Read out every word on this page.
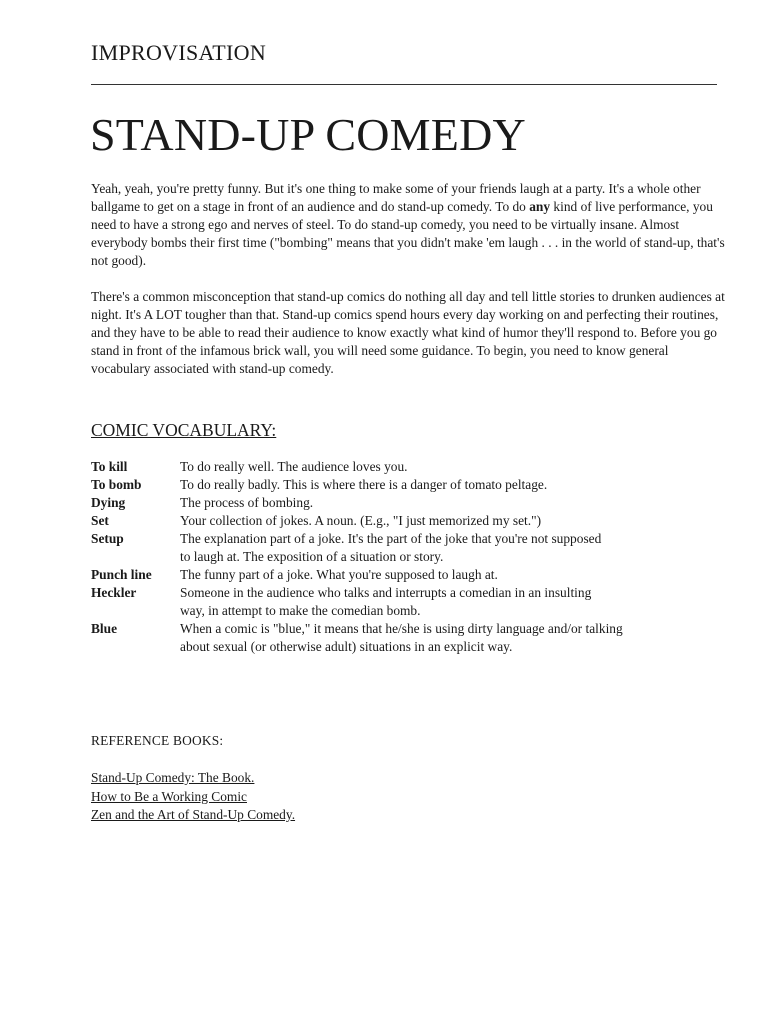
IMPROVISATION
STAND-UP COMEDY

Yeah, yeah, you're pretty funny. But it's one thing to make some of your friends laugh at a party. It's a whole other ballgame to get on a stage in front of an audience and do stand-up comedy. To do any kind of live performance, you need to have a strong ego and nerves of steel. To do stand-up comedy, you need to be virtually insane. Almost everybody bombs their first time ("bombing" means that you didn't make 'em laugh . . . in the world of stand-up, that's not good).

There's a common misconception that stand-up comics do nothing all day and tell little stories to drunken audiences at night. It's A LOT tougher than that. Stand-up comics spend hours every day working on and perfecting their routines, and they have to be able to read their audience to know exactly what kind of humor they'll respond to. Before you go stand in front of the infamous brick wall, you will need some guidance. To begin, you need to know general vocabulary associated with stand-up comedy.

COMIC VOCABULARY:
To kill	To do really well. The audience loves you.
To bomb	To do really badly. This is where there is a danger of tomato peltage.
Dying	The process of bombing.
Set	Your collection of jokes. A noun. (E.g., "I just memorized my set.")
Setup	The explanation part of a joke. It's the part of the joke that you're not supposed
to laugh at. The exposition of a situation or story.
Punch line	The funny part of a joke. What you're supposed to laugh at.
Heckler	Someone in the audience who talks and interrupts a comedian in an insulting
way, in attempt to make the comedian bomb.
Blue	When a comic is "blue," it means that he/she is using dirty language and/or talking
about sexual (or otherwise adult) situations in an explicit way.
REFERENCE BOOKS:
Stand-Up Comedy: The Book.
How to Be a Working Comic
Zen and the Art of Stand-Up Comedy.
